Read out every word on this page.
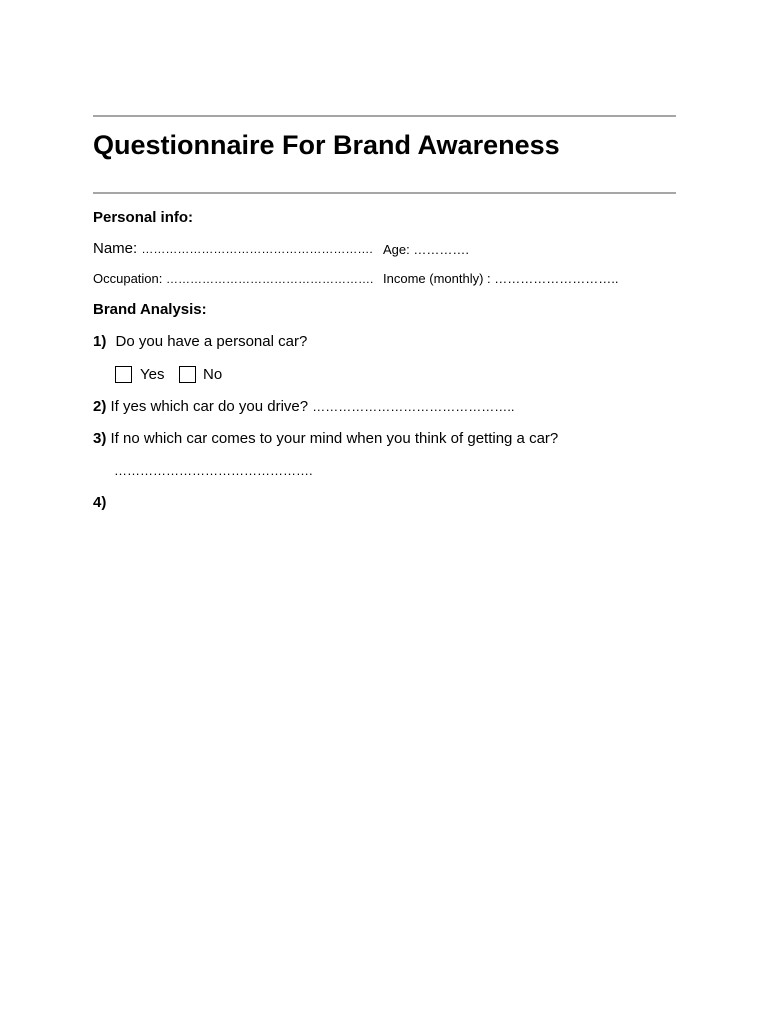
Questionnaire For Brand Awareness
Personal info:
Name: …………………………………………………. Age: ………….
Occupation: ……………………………………………. Income (monthly) : ………………………..
Brand Analysis:
1) Do you have a personal car?
Yes	No
2) If yes which car do you drive? ………………………………………..
3) If no which car comes to your mind when you think of getting a car?
……………………………………….
4)
